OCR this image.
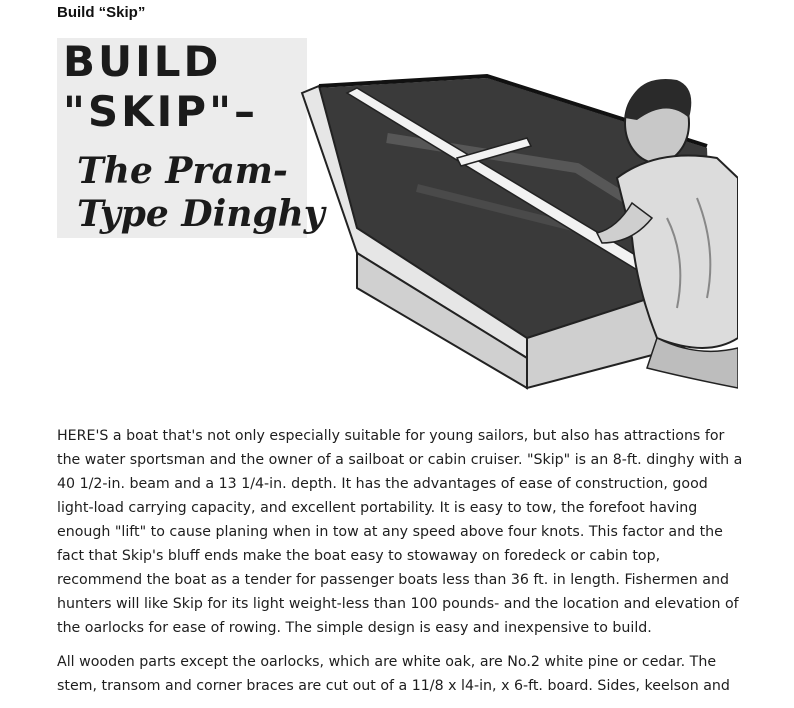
Build “Skip”
BUILD
"SKIP"–
The Pram-
Type Dinghy

HERE'S a boat that's not only especially suitable for young sailors, but also has attractions for the water sportsman and the owner of a sailboat or cabin cruiser. "Skip" is an 8-ft. dinghy with a 40 1/2-in. beam and a 13 1/4-in. depth. It has the advantages of ease of construction, good light-load carrying capacity, and excellent portability. It is easy to tow, the forefoot having enough "lift" to cause planing when in tow at any speed above four knots. This factor and the fact that Skip's bluff ends make the boat easy to stowaway on foredeck or cabin top, recommend the boat as a tender for passenger boats less than 36 ft. in length. Fishermen and hunters will like Skip for its light weight-less than 100 pounds- and the location and elevation of the oarlocks for ease of rowing. The simple design is easy and inexpensive to build.

All wooden parts except the oarlocks, which are white oak, are No.2 white pine or cedar. The stem, transom and corner braces are cut out of a 11/8 x l4-in, x 6-ft. board. Sides, keelson and
